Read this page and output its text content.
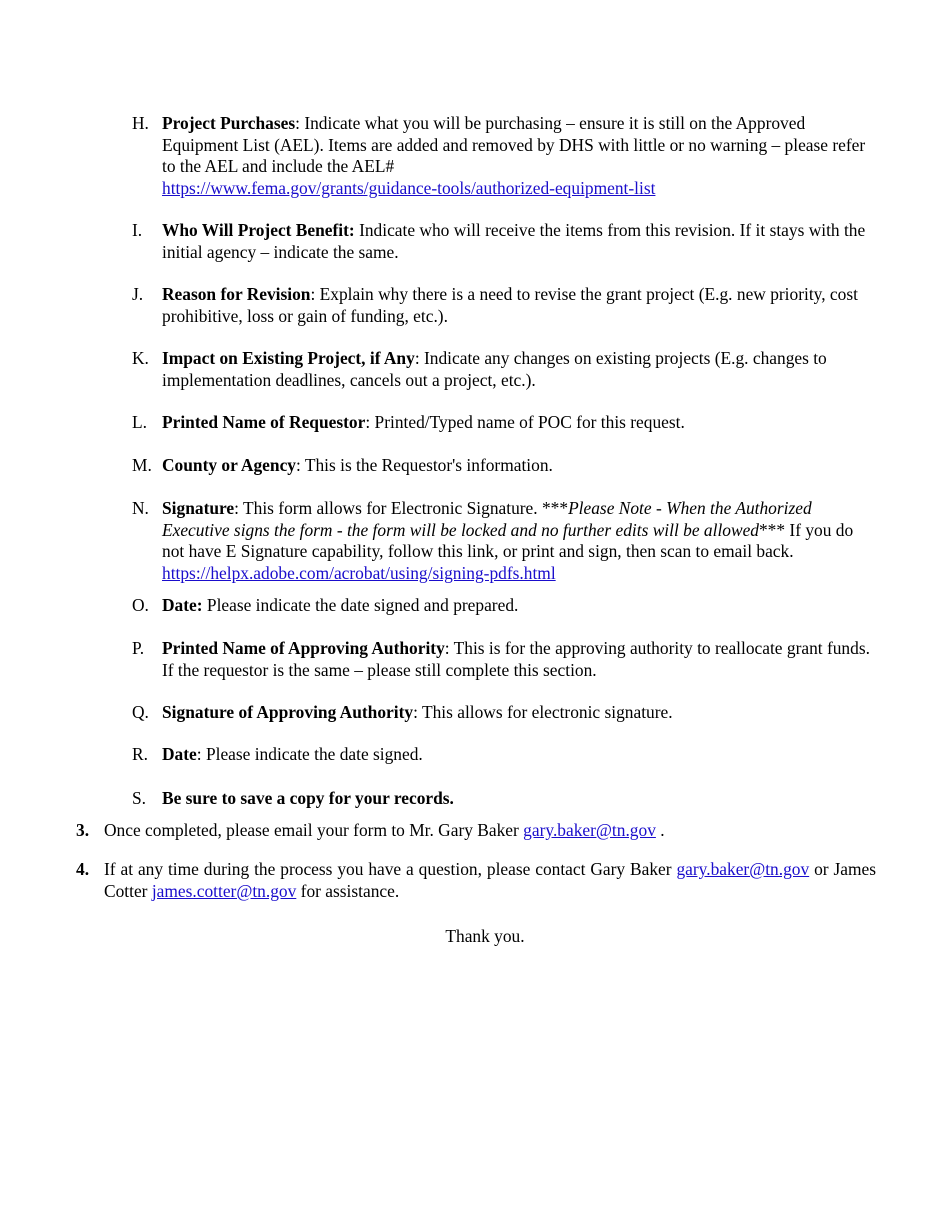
H. Project Purchases: Indicate what you will be purchasing – ensure it is still on the Approved Equipment List (AEL). Items are added and removed by DHS with little or no warning – please refer to the AEL and include the AEL#
https://www.fema.gov/grants/guidance-tools/authorized-equipment-list
I. Who Will Project Benefit: Indicate who will receive the items from this revision. If it stays with the initial agency – indicate the same.
J. Reason for Revision: Explain why there is a need to revise the grant project (E.g. new priority, cost prohibitive, loss or gain of funding, etc.).
K. Impact on Existing Project, if Any: Indicate any changes on existing projects (E.g. changes to implementation deadlines, cancels out a project, etc.).
L. Printed Name of Requestor: Printed/Typed name of POC for this request.
M. County or Agency: This is the Requestor's information.
N. Signature: This form allows for Electronic Signature. ***Please Note - When the Authorized Executive signs the form - the form will be locked and no further edits will be allowed*** If you do not have E Signature capability, follow this link, or print and sign, then scan to email back. https://helpx.adobe.com/acrobat/using/signing-pdfs.html
O. Date: Please indicate the date signed and prepared.
P. Printed Name of Approving Authority: This is for the approving authority to reallocate grant funds. If the requestor is the same – please still complete this section.
Q. Signature of Approving Authority: This allows for electronic signature.
R. Date: Please indicate the date signed.
S. Be sure to save a copy for your records.
3. Once completed, please email your form to Mr. Gary Baker gary.baker@tn.gov .
4. If at any time during the process you have a question, please contact Gary Baker gary.baker@tn.gov or James Cotter james.cotter@tn.gov for assistance.
Thank you.
